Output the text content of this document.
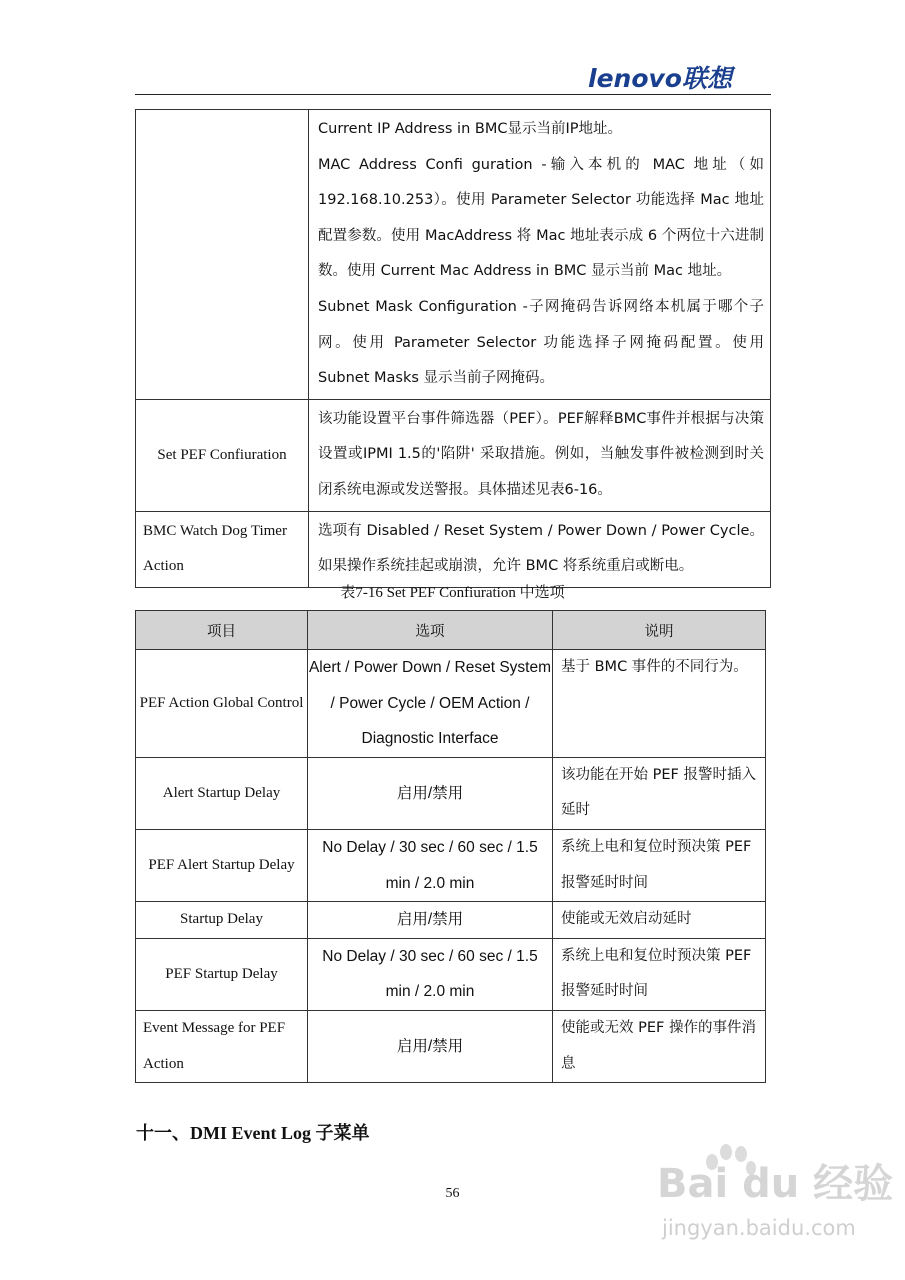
lenovo联想

	Current IP Address in BMC显示当前IP地址。
MAC Address Confi guration -输入本机的 MAC 地址（如 192.168.10.253）。使用 Parameter Selector 功能选择 Mac 地址配置参数。使用 MacAddress 将 Mac 地址表示成 6 个两位十六进制数。使用 Current Mac Address in BMC 显示当前 Mac 地址。
Subnet Mask Configuration -子网掩码告诉网络本机属于哪个子网。使用 Parameter Selector 功能选择子网掩码配置。使用 Subnet Masks 显示当前子网掩码。

Set PEF Confiuration	该功能设置平台事件筛选器（PEF）。PEF解释BMC事件并根据与决策设置或IPMI 1.5的'陷阱' 采取措施。例如，当触发事件被检测到时关闭系统电源或发送警报。具体描述见表6-16。

BMC Watch Dog Timer Action	选项有 Disabled / Reset System / Power Down / Power Cycle。如果操作系统挂起或崩溃，允许 BMC 将系统重启或断电。
表7-16 Set PEF Confiuration 中选项
项目	选项	说明
PEF Action Global Control	Alert / Power Down / Reset System / Power Cycle / OEM Action / Diagnostic Interface	基于 BMC 事件的不同行为。
Alert Startup Delay	启用/禁用	该功能在开始 PEF 报警时插入延时
PEF Alert Startup Delay	No Delay / 30 sec / 60 sec / 1.5 min / 2.0 min	系统上电和复位时预决策 PEF 报警延时时间
Startup Delay	启用/禁用	使能或无效启动延时
PEF Startup Delay	No Delay / 30 sec / 60 sec / 1.5 min / 2.0 min	系统上电和复位时预决策 PEF 报警延时时间
Event Message for PEF Action	启用/禁用	使能或无效 PEF 操作的事件消息
十一、DMI Event Log 子菜单
56	Bai du 经验
jingyan.baidu.com
